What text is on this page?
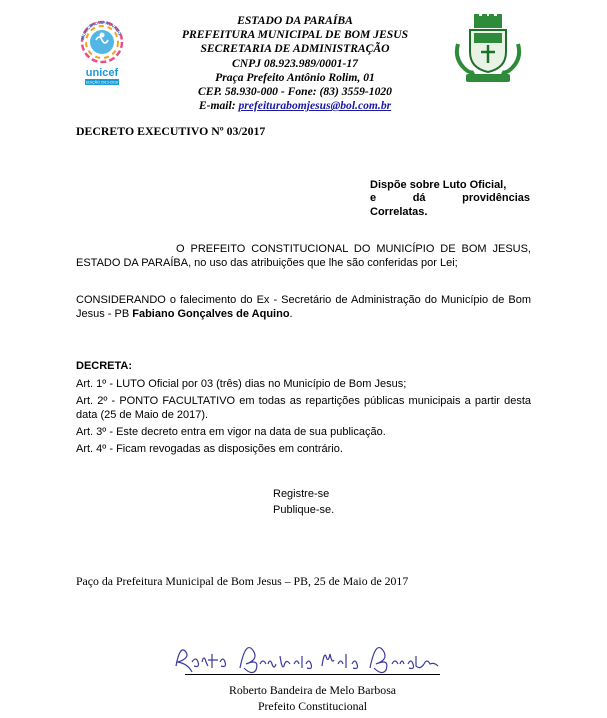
MUNICÍPIO APROVADO
unicef
EDIÇÃO 2013-2016
ESTADO DA PARAÍBA
PREFEITURA MUNICIPAL DE BOM JESUS
SECRETARIA DE ADMINISTRAÇÃO
CNPJ 08.923.989/0001-17
Praça Prefeito Antônio Rolim, 01
CEP. 58.930-000 - Fone: (83) 3559-1020
E-mail: prefeiturabomjesus@bol.com.br
DECRETO EXECUTIVO Nº 03/2017
Dispõe sobre Luto Oficial,
e	dá	providências
Correlatas.
O PREFEITO CONSTITUCIONAL DO MUNICÍPIO DE BOM JESUS, ESTADO DA PARAÍBA, no uso das atribuições que lhe são conferidas por Lei;
CONSIDERANDO o falecimento do Ex - Secretário de Administração do Município de Bom Jesus - PB Fabiano Gonçalves de Aquino.
DECRETA:
Art. 1º - LUTO Oficial por 03 (três) dias no Município de Bom Jesus;
Art. 2º - PONTO FACULTATIVO em todas as repartições públicas municipais a partir desta data (25 de Maio de 2017).
Art. 3º - Este decreto entra em vigor na data de sua publicação.
Art. 4º - Ficam revogadas as disposições em contrário.
Registre-se
Publique-se.
Paço da Prefeitura Municipal de Bom Jesus – PB, 25 de Maio de 2017
Roberto Bandeira de Melo Barbosa
Prefeito Constitucional
